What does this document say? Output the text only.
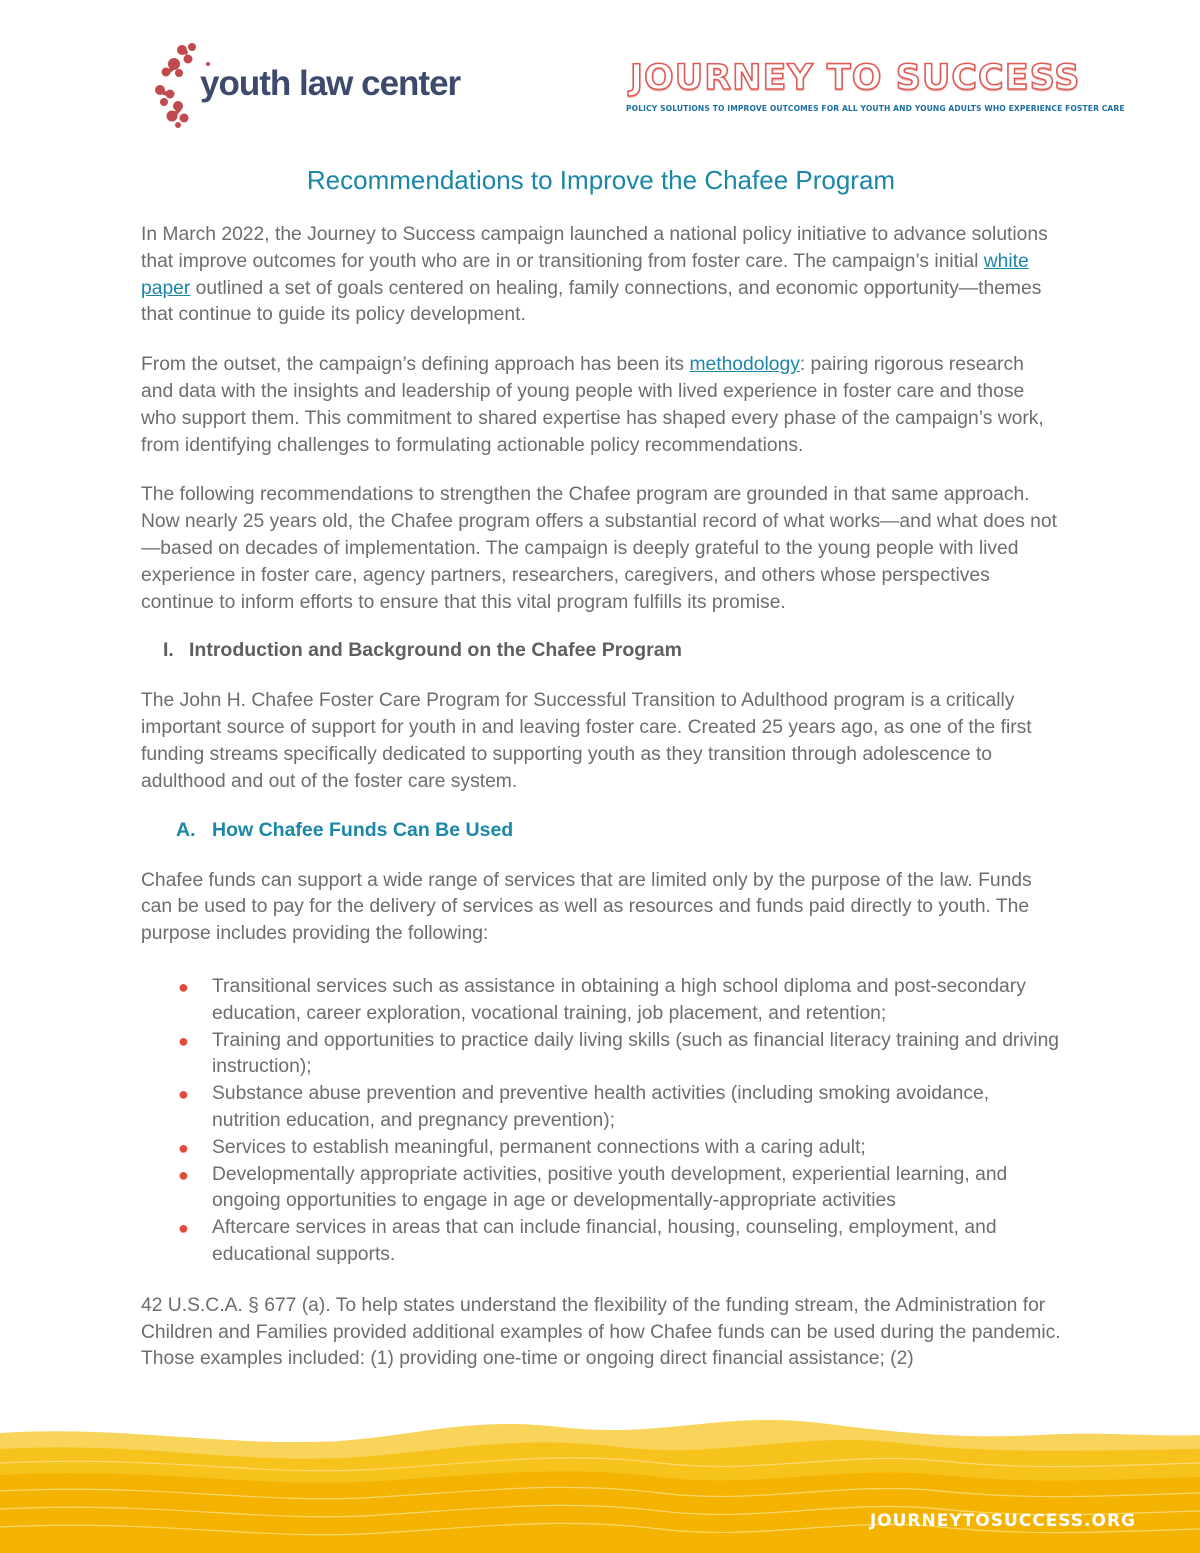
youth law center	JOURNEY TO SUCCESS
POLICY SOLUTIONS TO IMPROVE OUTCOMES FOR ALL YOUTH AND YOUNG ADULTS WHO EXPERIENCE FOSTER CARE
Recommendations to Improve the Chafee Program

In March 2022, the Journey to Success campaign launched a national policy initiative to advance solutions that improve outcomes for youth who are in or transitioning from foster care. The campaign’s initial white paper outlined a set of goals centered on healing, family connections, and economic opportunity—themes that continue to guide its policy development.

From the outset, the campaign’s defining approach has been its methodology: pairing rigorous research and data with the insights and leadership of young people with lived experience in foster care and those who support them. This commitment to shared expertise has shaped every phase of the campaign’s work, from identifying challenges to formulating actionable policy recommendations.

The following recommendations to strengthen the Chafee program are grounded in that same approach. Now nearly 25 years old, the Chafee program offers a substantial record of what works—and what does not—based on decades of implementation. The campaign is deeply grateful to the young people with lived experience in foster care, agency partners, researchers, caregivers, and others whose perspectives continue to inform efforts to ensure that this vital program fulfills its promise.

I. Introduction and Background on the Chafee Program

The John H. Chafee Foster Care Program for Successful Transition to Adulthood program is a critically important source of support for youth in and leaving foster care. Created 25 years ago, as one of the first funding streams specifically dedicated to supporting youth as they transition through adolescence to adulthood and out of the foster care system.

A. How Chafee Funds Can Be Used

Chafee funds can support a wide range of services that are limited only by the purpose of the law. Funds can be used to pay for the delivery of services as well as resources and funds paid directly to youth. The purpose includes providing the following:

● Transitional services such as assistance in obtaining a high school diploma and post-secondary education, career exploration, vocational training, job placement, and retention;
● Training and opportunities to practice daily living skills (such as financial literacy training and driving instruction);
● Substance abuse prevention and preventive health activities (including smoking avoidance, nutrition education, and pregnancy prevention);
● Services to establish meaningful, permanent connections with a caring adult;
● Developmentally appropriate activities, positive youth development, experiential learning, and ongoing opportunities to engage in age or developmentally-appropriate activities
● Aftercare services in areas that can include financial, housing, counseling, employment, and educational supports.

42 U.S.C.A. § 677 (a). To help states understand the flexibility of the funding stream, the Administration for Children and Families provided additional examples of how Chafee funds can be used during the pandemic. Those examples included: (1) providing one-time or ongoing direct financial assistance; (2)

JOURNEYTOSUCCESS.ORG
